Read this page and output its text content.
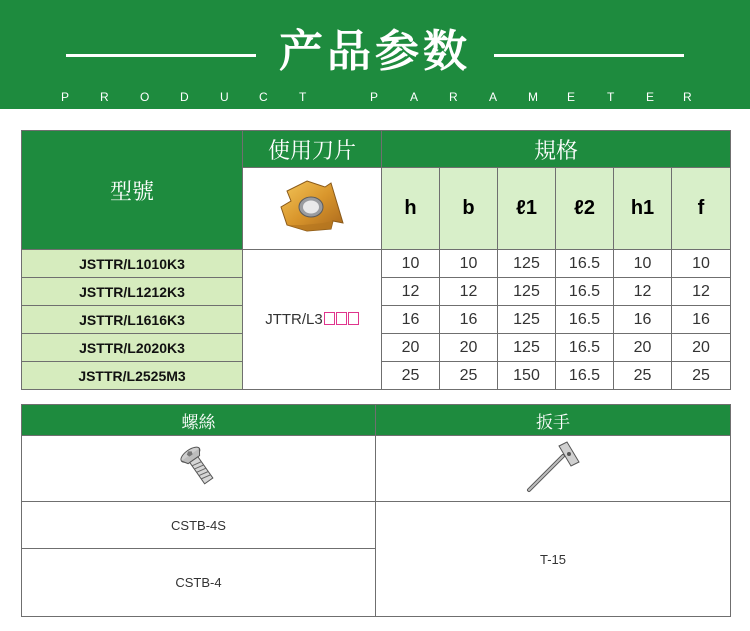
产品参数
P	R	O	D	U	C	T	P	A	R	A	M E	T	E R
型號	使用刀片	規格					
	h	b	ℓ1	ℓ2	h1	f
JSTTR/L1010K3	JTTR/L3	10	10	125	16.5	10	10
JSTTR/L1212K3		12	12	125	16.5	12	12
JSTTR/L1616K3		16	16	125	16.5	16	16
JSTTR/L2020K3		20	20	125	16.5	20	20
JSTTR/L2525M3		25	25	150	16.5	25	25
螺絲	扳手

CSTB-4S	T-15
CSTB-4	
